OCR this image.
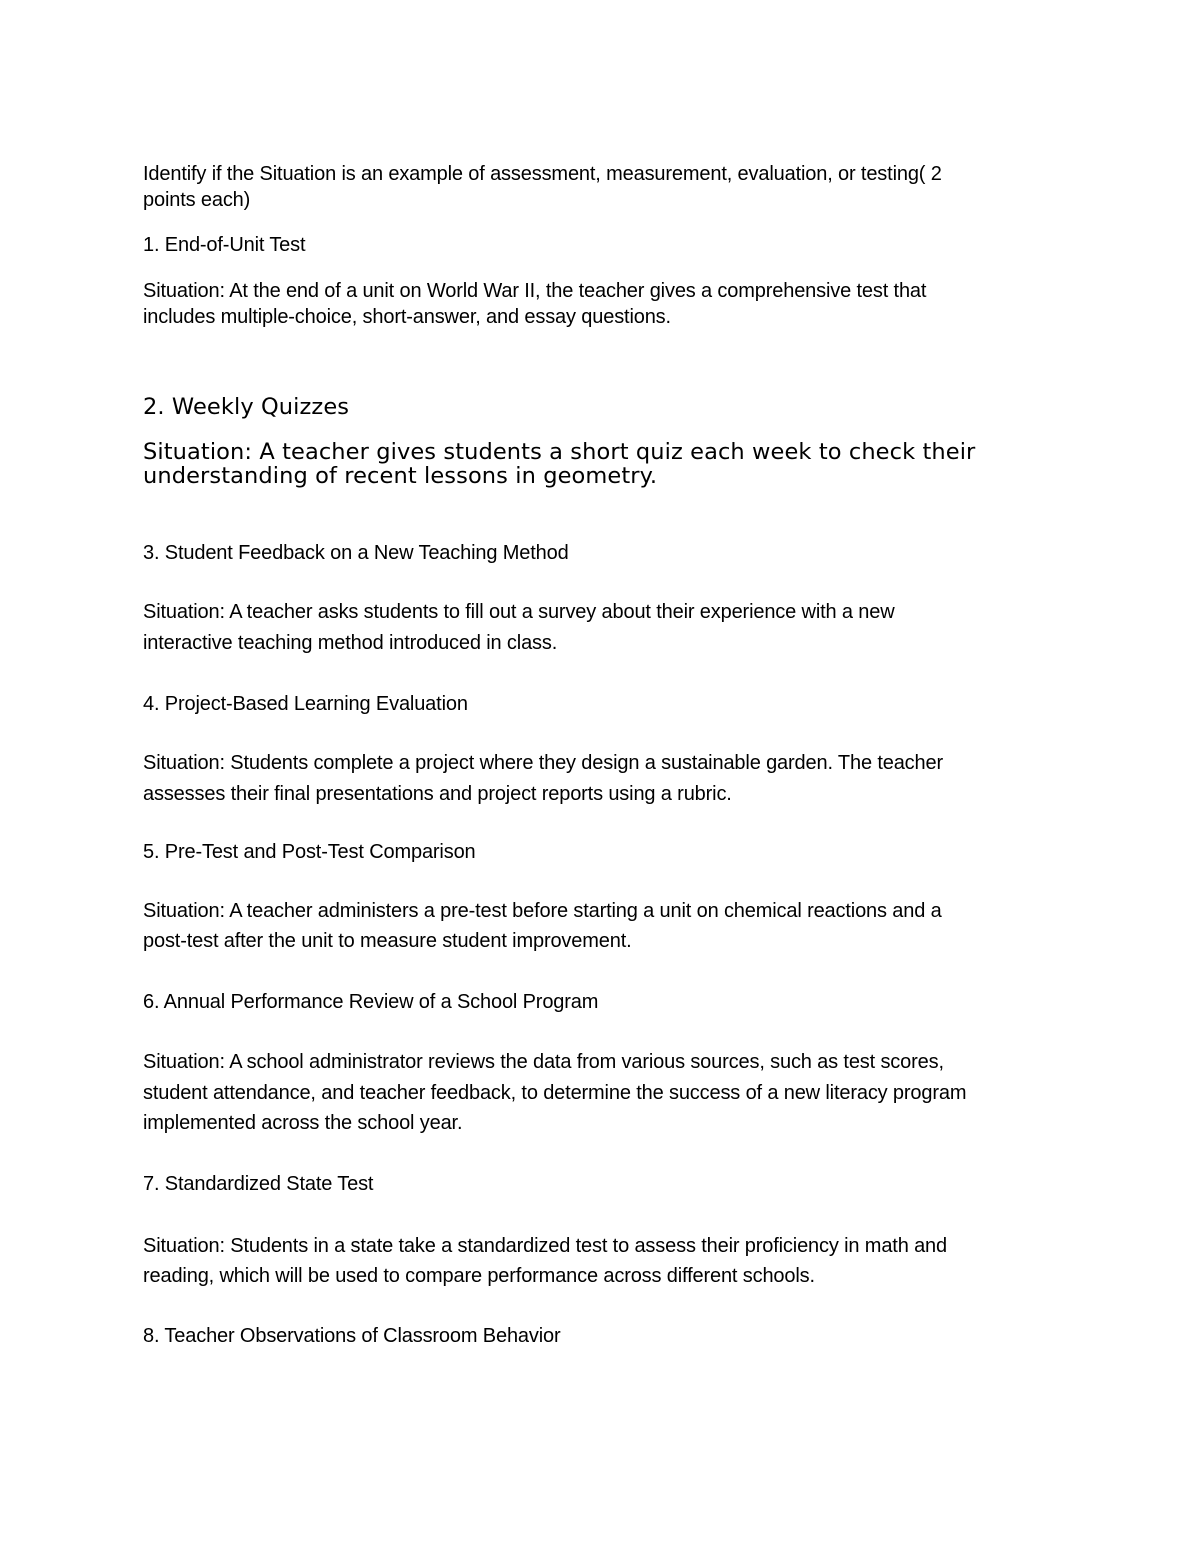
Identify if the Situation is an example of assessment, measurement, evaluation, or testing( 2
points each)
1. End-of-Unit Test
Situation: At the end of a unit on World War II, the teacher gives a comprehensive test that
includes multiple-choice, short-answer, and essay questions.
2. Weekly Quizzes
Situation: A teacher gives students a short quiz each week to check their
understanding of recent lessons in geometry.
3. Student Feedback on a New Teaching Method
Situation: A teacher asks students to fill out a survey about their experience with a new
interactive teaching method introduced in class.
4. Project-Based Learning Evaluation
Situation: Students complete a project where they design a sustainable garden. The teacher
assesses their final presentations and project reports using a rubric.
5. Pre-Test and Post-Test Comparison
Situation: A teacher administers a pre-test before starting a unit on chemical reactions and a
post-test after the unit to measure student improvement.
6. Annual Performance Review of a School Program
Situation: A school administrator reviews the data from various sources, such as test scores,
student attendance, and teacher feedback, to determine the success of a new literacy program
implemented across the school year.
7. Standardized State Test
Situation: Students in a state take a standardized test to assess their proficiency in math and
reading, which will be used to compare performance across different schools.
8. Teacher Observations of Classroom Behavior
